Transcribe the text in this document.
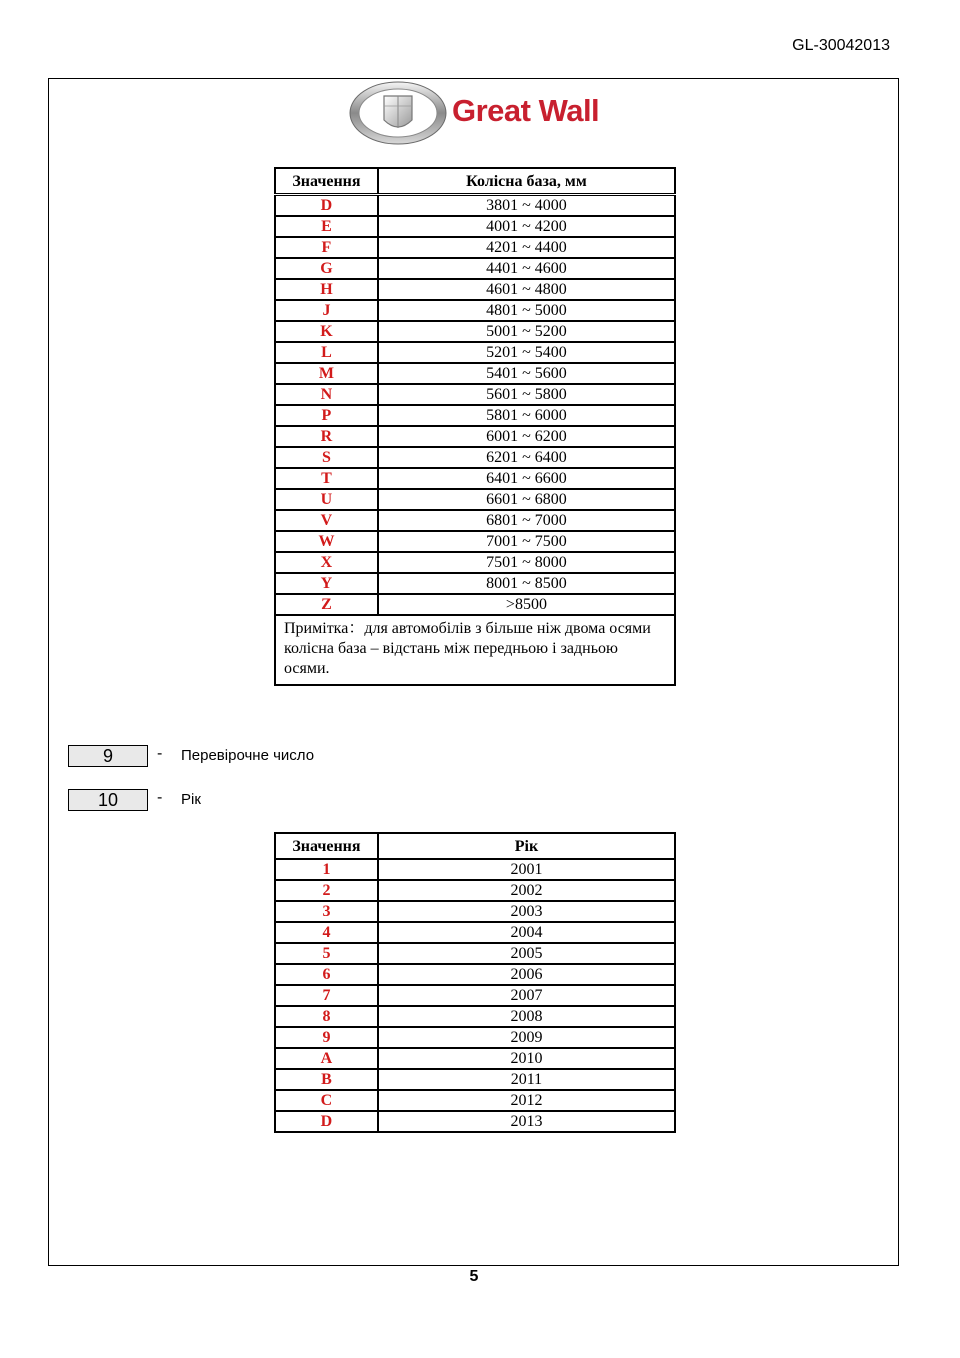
GL-30042013
Great Wall
Значення	Колісна база, мм
D	3801 ~ 4000
E	4001 ~ 4200
F	4201 ~ 4400
G	4401 ~ 4600
H	4601 ~ 4800
J	4801 ~ 5000
K	5001 ~ 5200
L	5201 ~ 5400
M	5401 ~ 5600
N	5601 ~ 5800
P	5801 ~ 6000
R	6001 ~ 6200
S	6201 ~ 6400
T	6401 ~ 6600
U	6601 ~ 6800
V	6801 ~ 7000
W	7001 ~ 7500
X	7501 ~ 8000
Y	8001 ~ 8500
Z	>8500
Примітка：для автомобілів з більше ніж двома осями колісна база – відстань між передньою і задньою осями.	
9	- Перевірочне число
10	- Рік
Значення	Рік
1	2001
2	2002
3	2003
4	2004
5	2005
6	2006
7	2007
8	2008
9	2009
A	2010
B	2011
C	2012
D	2013
5
